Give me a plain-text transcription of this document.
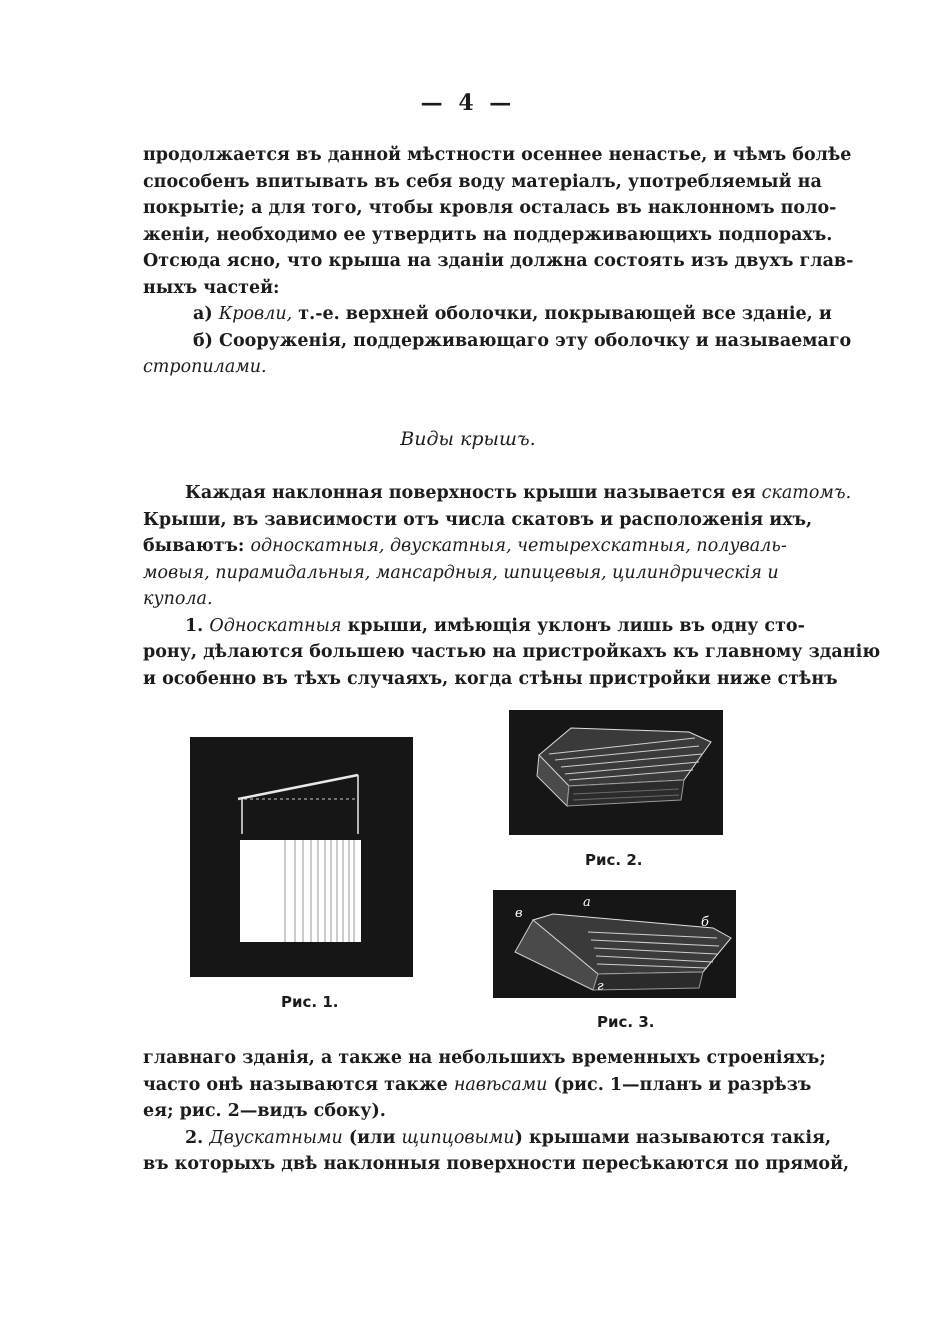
— 4 —
продолжается въ данной мѣстности осеннее ненастье, и чѣмъ болѣе
способенъ впитывать въ себя воду матеріалъ, употребляемый на
покрытіе; а для того, чтобы кровля осталась въ наклонномъ поло-
женіи, необходимо ее утвердить на поддерживающихъ подпорахъ.
Отсюда ясно, что крыша на зданіи должна состоять изъ двухъ глав-
ныхъ частей:
а) Кровли, т.-е. верхней оболочки, покрывающей все зданіе, и
б) Сооруженія, поддерживающаго эту оболочку и называемаго
стропилами.
Виды крышъ.
Каждая наклонная поверхность крыши называется ея скатомъ.
Крыши, въ зависимости отъ числа скатовъ и расположенія ихъ,
бываютъ: односкатныя, двускатныя, четырехскатныя, полуваль-
мовыя, пирамидальныя, мансардныя, шпицевыя, цилиндрическія и
купола.
1. Односкатныя крыши, имѣющія уклонъ лишь въ одну сто-
рону, дѣлаются большею частью на пристройкахъ къ главному зданію
и особенно въ тѣхъ случаяхъ, когда стѣны пристройки ниже стѣнъ
Рис. 1.
Рис. 2.
в
а
б
г
Рис. 3.
главнаго зданія, а также на небольшихъ временныхъ строеніяхъ;
часто онѣ называются также навѣсами (рис. 1—планъ и разрѣзъ
ея; рис. 2—видъ сбоку).
2. Двускатными (или щипцовыми) крышами называются такія,
въ которыхъ двѣ наклонныя поверхности пересѣкаются по прямой,
